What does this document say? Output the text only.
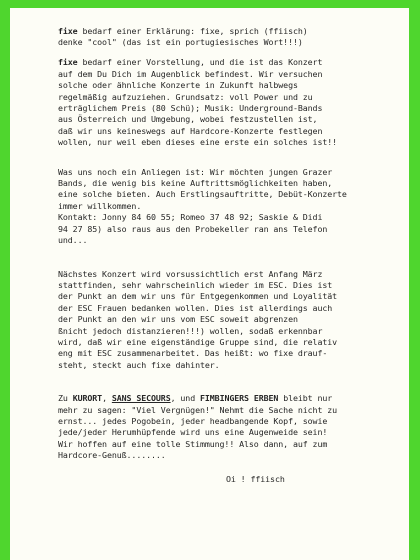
fixe bedarf einer Erklärung: fixe, sprich (ffiisch)
denke "cool" (das ist ein portugiesisches Wort!!!)
fixe bedarf einer Vorstellung, und die ist das Konzert
auf dem Du Dich im Augenblick befindest. Wir versuchen
solche oder ähnliche Konzerte in Zukunft halbwegs
regelmäßig aufzuziehen. Grundsatz: voll Power und zu
erträglichem Preis (80 Schü); Musik: Underground-Bands
aus Österreich und Umgebung, wobei festzustellen ist,
daß wir uns keineswegs auf Hardcore-Konzerte festlegen
wollen, nur weil eben dieses eine erste ein solches ist!!
Was uns noch ein Anliegen ist: Wir möchten jungen Grazer
Bands, die wenig bis keine Auftrittsmöglichkeiten haben,
eine solche bieten. Auch Erstlingsauftritte, Debüt-Konzerte
immer willkommen.
Kontakt: Jonny 84 60 55; Romeo 37 48 92; Saskie & Didi
94 27 85) also raus aus den Probekeller ran ans Telefon
und...
Nächstes Konzert wird vorsussichtlich erst Anfang März
stattfinden, sehr wahrscheinlich wieder im ESC. Dies ist
der Punkt an dem wir uns für Entgegenkommen und Loyalität
der ESC Frauen bedanken wollen. Dies ist allerdings auch
der Punkt an den wir uns vom ESC soweit abgrenzen
ßnicht jedoch distanzieren!!!) wollen, sodaß erkennbar
wird, daß wir eine eigenständige Gruppe sind, die relativ
eng mit ESC zusammenarbeitet. Das heißt: wo fixe drauf-
steht, steckt auch fixe dahinter.
Zu KURORT, SANS SECOURS, und FIMBINGERS ERBEN bleibt nur
mehr zu sagen: "Viel Vergnügen!" Nehmt die Sache nicht zu
ernst... jedes Pogobein, jeder headbangende Kopf, sowie
jede/jeder Herumhüpfende wird uns eine Augenweide sein!
Wir hoffen auf eine tolle Stimmung!! Also dann, auf zum
Hardcore-Genuß........
Oi ! ffiisch
